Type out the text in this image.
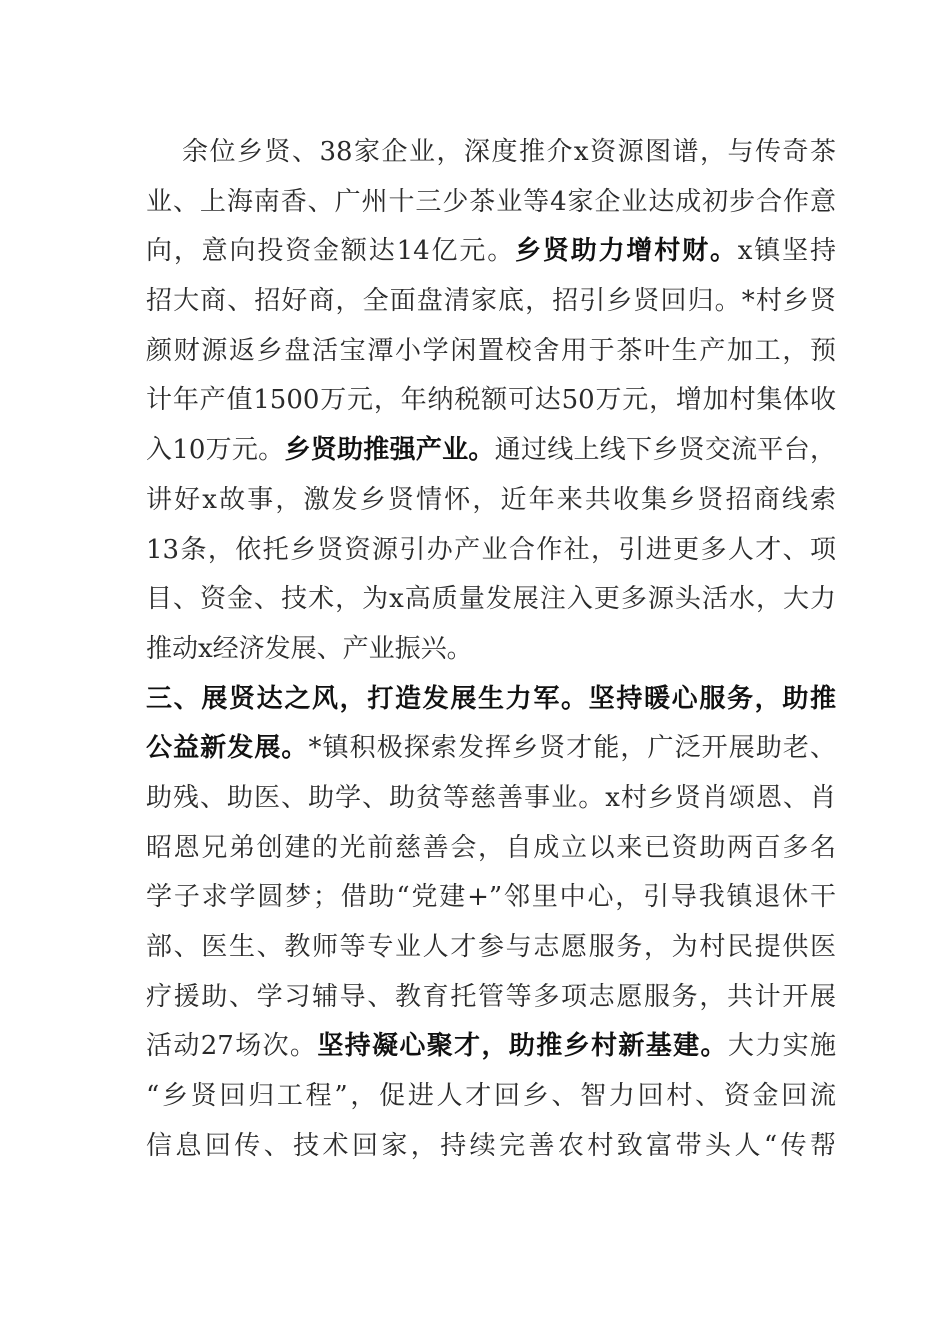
余位乡贤、38家企业，深度推介x资源图谱，与传奇茶
业、上海南香、广州十三少茶业等4家企业达成初步合作意
向，意向投资金额达14亿元。乡贤助力增村财。x镇坚持
招大商、招好商，全面盘清家底，招引乡贤回归。*村乡贤
颜财源返乡盘活宝潭小学闲置校舍用于茶叶生产加工，预
计年产值1500万元，年纳税额可达50万元，增加村集体收
入10万元。乡贤助推强产业。通过线上线下乡贤交流平台，
讲好x故事，激发乡贤情怀，近年来共收集乡贤招商线索
13条，依托乡贤资源引办产业合作社，引进更多人才、项
目、资金、技术，为x高质量发展注入更多源头活水，大力
推动x经济发展、产业振兴。
三、展贤达之风，打造发展生力军。坚持暖心服务，助推
公益新发展。*镇积极探索发挥乡贤才能，广泛开展助老、
助残、助医、助学、助贫等慈善事业。x村乡贤肖颂恩、肖
昭恩兄弟创建的光前慈善会，自成立以来已资助两百多名
学子求学圆梦；借助“党建+”邻里中心，引导我镇退休干
部、医生、教师等专业人才参与志愿服务，为村民提供医
疗援助、学习辅导、教育托管等多项志愿服务，共计开展
活动27场次。坚持凝心聚才，助推乡村新基建。大力实施
“乡贤回归工程”，促进人才回乡、智力回村、资金回流
信息回传、技术回家，持续完善农村致富带头人“传帮
